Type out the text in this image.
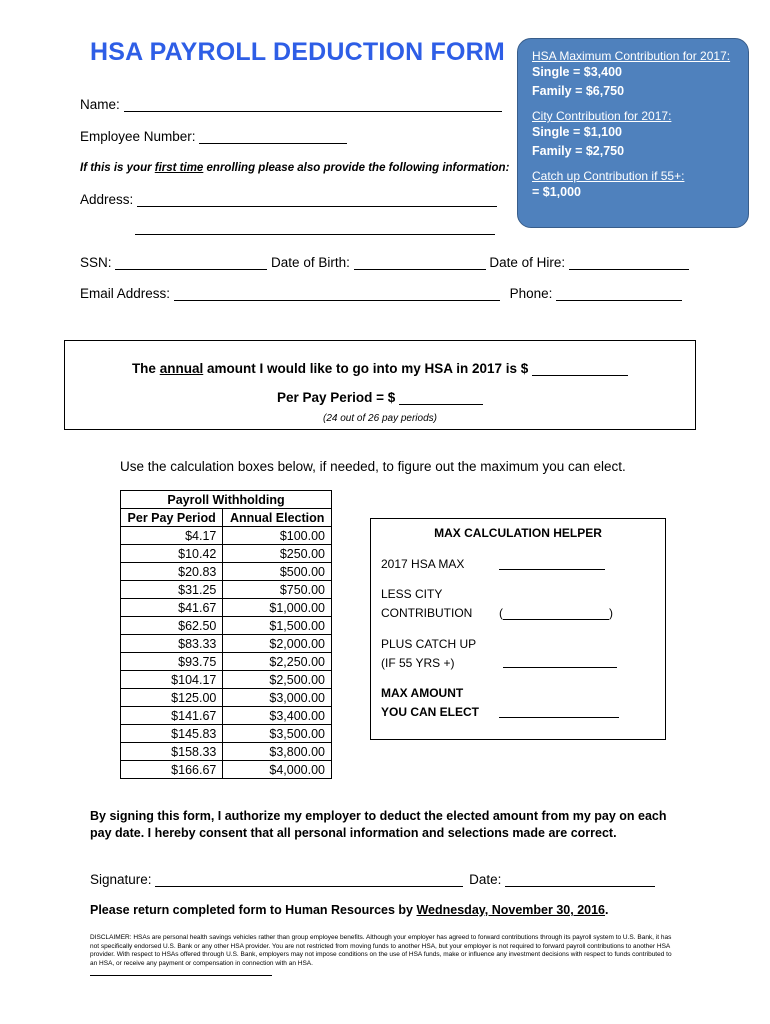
HSA PAYROLL DEDUCTION FORM HSA Maximum Contribution for 2017:
Single = $3,400
Family = $6,750
City Contribution for 2017:
Single = $1,100
Family = $2,750
Catch up Contribution if 55+:
= $1,000
Name:
Employee Number:
If this is your first time enrolling please also provide the following information:
Address:
SSN:	Date of Birth:	Date of Hire:
Email Address:	Phone:
The annual amount I would like to go into my HSA in 2017 is $
Per Pay Period = $
(24 out of 26 pay periods)
Use the calculation boxes below, if needed, to figure out the maximum you can elect.
Payroll Withholding	
Per Pay Period	Annual Election
$4.17	$100.00
$10.42	$250.00
$20.83	$500.00
$31.25	$750.00
$41.67	$1,000.00
$62.50	$1,500.00
$83.33	$2,000.00
$93.75	$2,250.00
$104.17	$2,500.00
$125.00	$3,000.00
$141.67	$3,400.00
$145.83	$3,500.00
$158.33	$3,800.00
$166.67	$4,000.00
MAX CALCULATION HELPER
2017 HSA MAX
LESS CITY
CONTRIBUTION (	)
PLUS CATCH UP
(IF 55 YRS +)
MAX AMOUNT
YOU CAN ELECT
By signing this form, I authorize my employer to deduct the elected amount from my pay on each pay date. I hereby consent that all personal information and selections made are correct.
Signature:	Date:
Please return completed form to Human Resources by Wednesday, November 30, 2016.
DISCLAIMER: HSAs are personal health savings vehicles rather than group employee benefits. Although your employer has agreed to forward contributions through its payroll system to U.S. Bank, it has not specifically endorsed U.S. Bank or any other HSA provider. You are not restricted from moving funds to another HSA, but your employer is not required to forward payroll contributions to another HSA provider. With respect to HSAs offered through U.S. Bank, employers may not impose conditions on the use of HSA funds, make or influence any investment decisions with respect to funds contributed to an HSA, or receive any payment or compensation in connection with an HSA.
